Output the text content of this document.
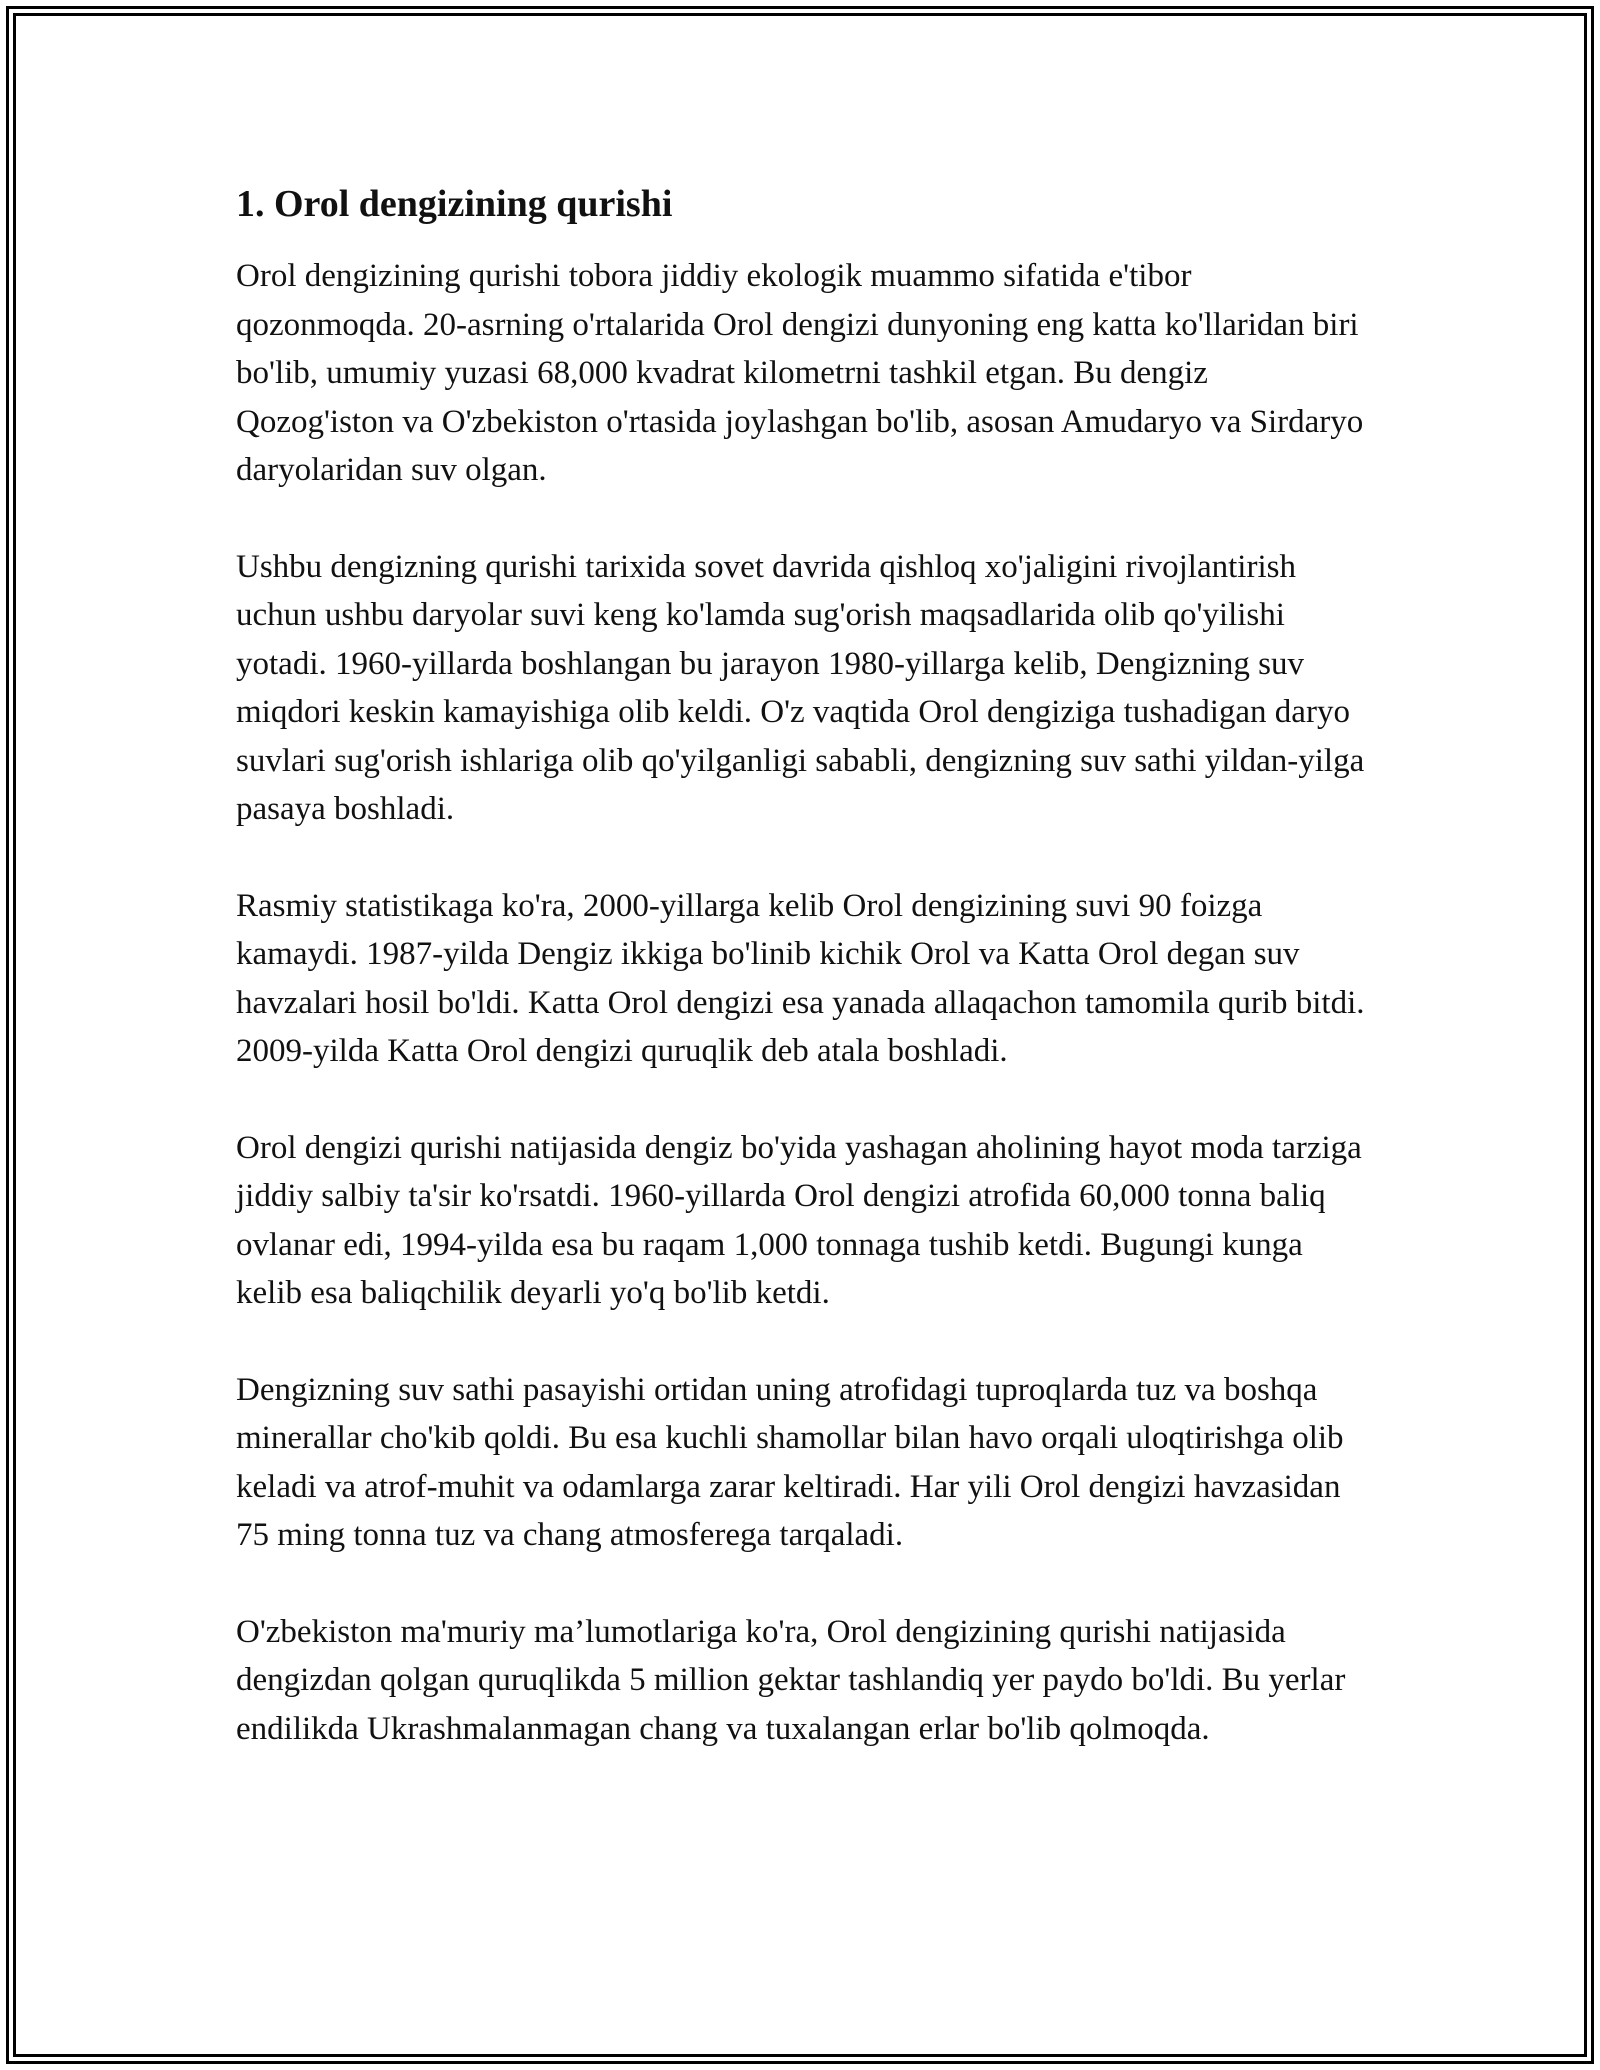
1. Orol dengizining qurishi

Orol dengizining qurishi tobora jiddiy ekologik muammo sifatida e'tibor qozonmoqda. 20-asrning o'rtalarida Orol dengizi dunyoning eng katta ko'llaridan biri bo'lib, umumiy yuzasi 68,000 kvadrat kilometrni tashkil etgan. Bu dengiz Qozog'iston va O'zbekiston o'rtasida joylashgan bo'lib, asosan Amudaryo va Sirdaryo daryolaridan suv olgan.

Ushbu dengizning qurishi tarixida sovet davrida qishloq xo'jaligini rivojlantirish uchun ushbu daryolar suvi keng ko'lamda sug'orish maqsadlarida olib qo'yilishi yotadi. 1960-yillarda boshlangan bu jarayon 1980-yillarga kelib, Dengizning suv miqdori keskin kamayishiga olib keldi. O'z vaqtida Orol dengiziga tushadigan daryo suvlari sug'orish ishlariga olib qo'yilganligi sababli, dengizning suv sathi yildan-yilga pasaya boshladi.

Rasmiy statistikaga ko'ra, 2000-yillarga kelib Orol dengizining suvi 90 foizga kamaydi. 1987-yilda Dengiz ikkiga bo'linib kichik Orol va Katta Orol degan suv havzalari hosil bo'ldi. Katta Orol dengizi esa yanada allaqachon tamomila qurib bitdi. 2009-yilda Katta Orol dengizi quruqlik deb atala boshladi.

Orol dengizi qurishi natijasida dengiz bo'yida yashagan aholining hayot moda tarziga jiddiy salbiy ta'sir ko'rsatdi. 1960-yillarda Orol dengizi atrofida 60,000 tonna baliq ovlanar edi, 1994-yilda esa bu raqam 1,000 tonnaga tushib ketdi. Bugungi kunga kelib esa baliqchilik deyarli yo'q bo'lib ketdi.

Dengizning suv sathi pasayishi ortidan uning atrofidagi tuproqlarda tuz va boshqa minerallar cho'kib qoldi. Bu esa kuchli shamollar bilan havo orqali uloqtirishga olib keladi va atrof-muhit va odamlarga zarar keltiradi. Har yili Orol dengizi havzasidan 75 ming tonna tuz va chang atmosferega tarqaladi.

O'zbekiston ma'muriy ma’lumotlariga ko'ra, Orol dengizining qurishi natijasida dengizdan qolgan quruqlikda 5 million gektar tashlandiq yer paydo bo'ldi. Bu yerlar endilikda Ukrashmalanmagan chang va tuxalangan erlar bo'lib qolmoqda.
